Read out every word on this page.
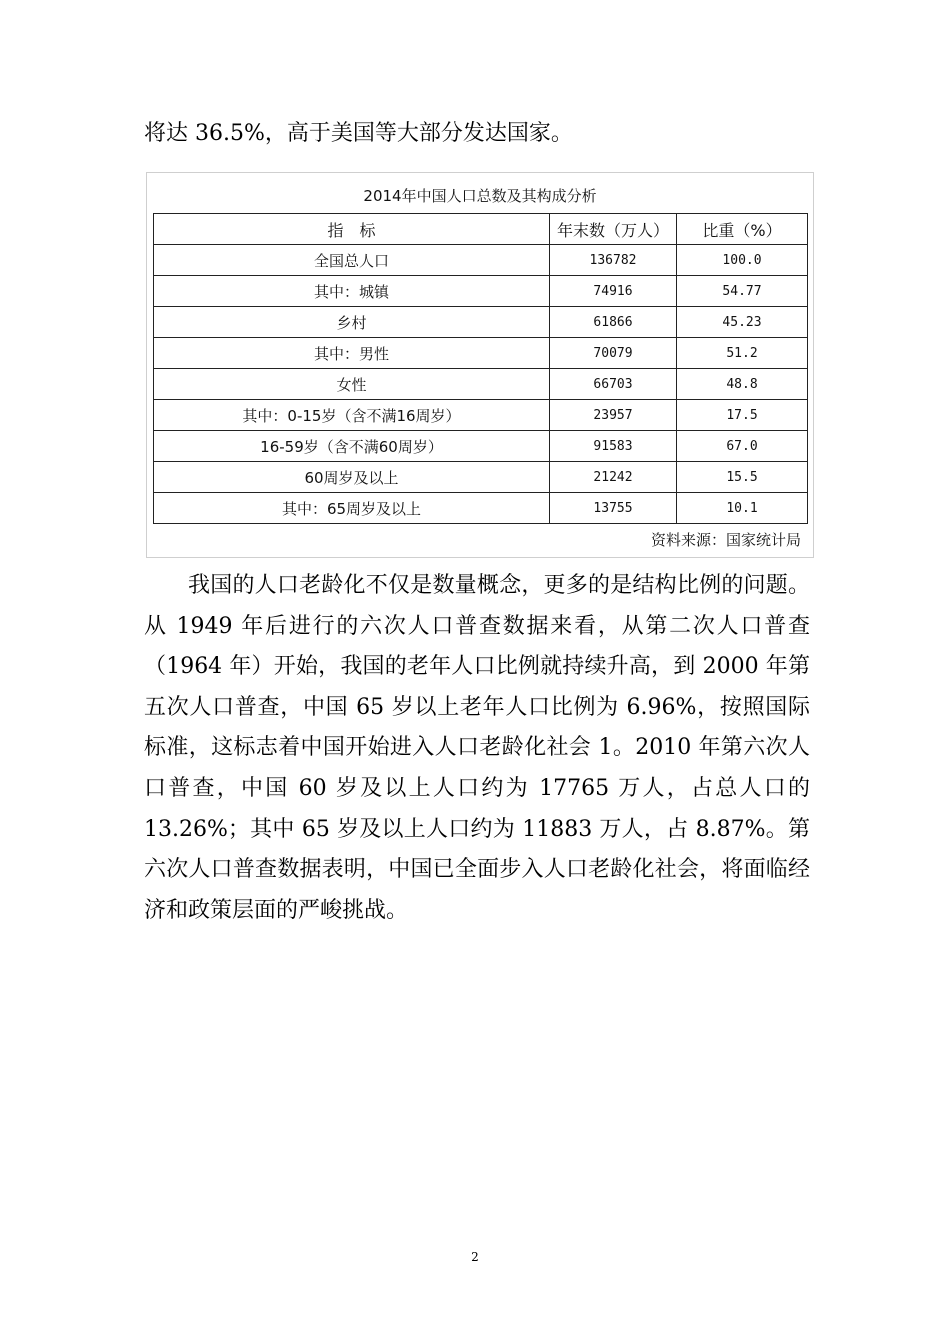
将达 36.5%，高于美国等大部分发达国家。
2014年中国人口总数及其构成分析
指　标	年末数（万人）	比重（%）
全国总人口	136782	100.0
其中：城镇	74916	54.77
乡村	61866	45.23
其中：男性	70079	51.2
女性	66703	48.8
其中：0-15岁（含不满16周岁）	23957	17.5
16-59岁（含不满60周岁）	91583	67.0
60周岁及以上	21242	15.5
其中：65周岁及以上	13755	10.1
资料来源：国家统计局

我国的人口老龄化不仅是数量概念，更多的是结构比例的问题。从 1949 年后进行的六次人口普查数据来看，从第二次人口普查（1964 年）开始，我国的老年人口比例就持续升高，到 2000 年第五次人口普查，中国 65 岁以上老年人口比例为 6.96%，按照国际标准，这标志着中国开始进入人口老龄化社会 1。2010 年第六次人口普查，中国 60 岁及以上人口约为 17765 万人，占总人口的 13.26%；其中 65 岁及以上人口约为 11883 万人，占 8.87%。第六次人口普查数据表明，中国已全面步入人口老龄化社会，将面临经济和政策层面的严峻挑战。

2
